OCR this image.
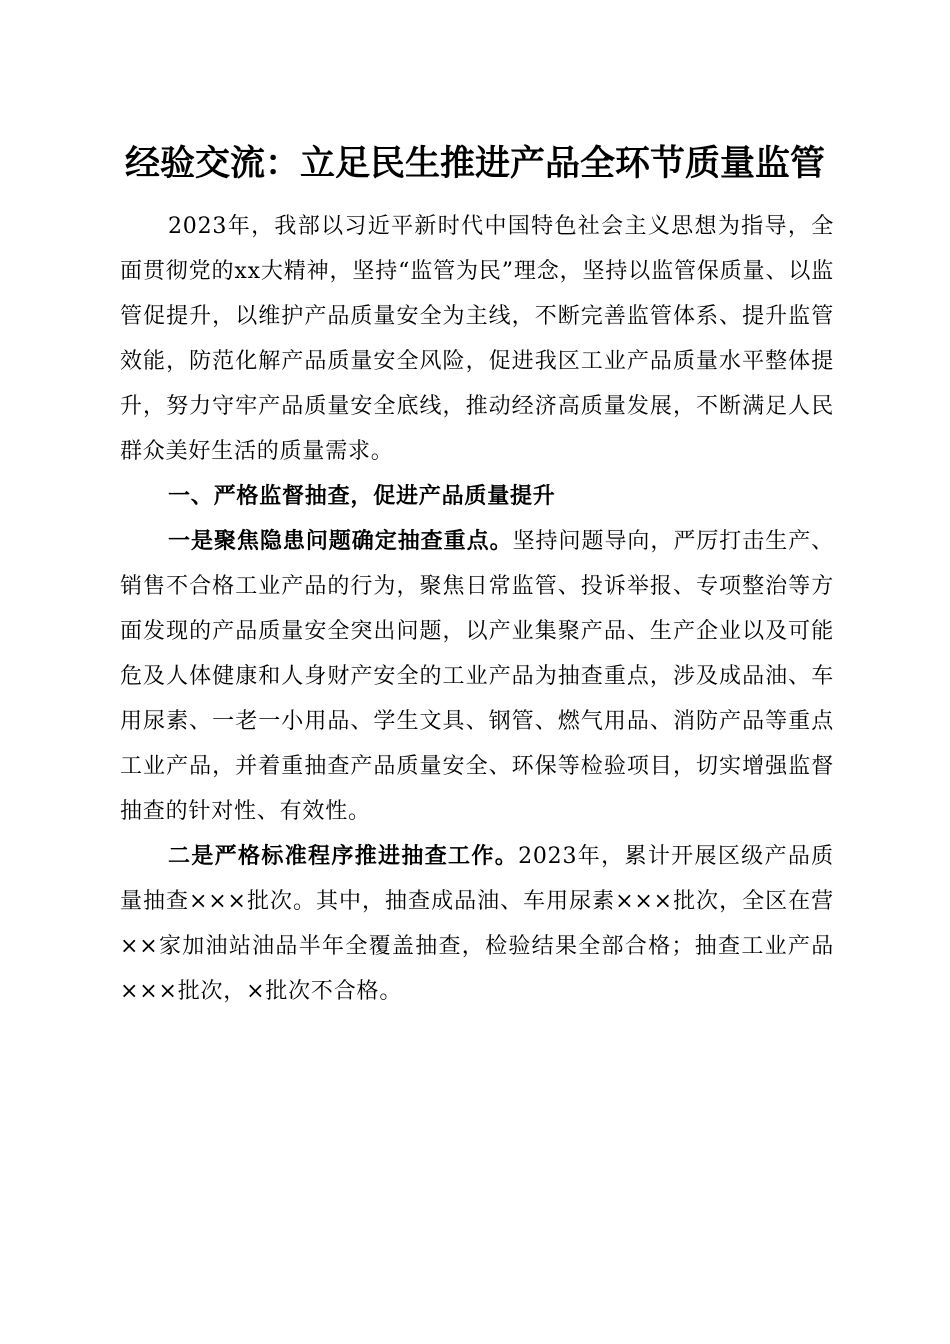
经验交流：立足民生推进产品全环节质量监管

2023年，我部以习近平新时代中国特色社会主义思想为指导，全面贯彻党的xx大精神，坚持“监管为民”理念，坚持以监管保质量、以监管促提升，以维护产品质量安全为主线，不断完善监管体系、提升监管效能，防范化解产品质量安全风险，促进我区工业产品质量水平整体提升，努力守牢产品质量安全底线，推动经济高质量发展，不断满足人民群众美好生活的质量需求。

一、严格监督抽查，促进产品质量提升

一是聚焦隐患问题确定抽查重点。坚持问题导向，严厉打击生产、销售不合格工业产品的行为，聚焦日常监管、投诉举报、专项整治等方面发现的产品质量安全突出问题，以产业集聚产品、生产企业以及可能危及人体健康和人身财产安全的工业产品为抽查重点，涉及成品油、车用尿素、一老一小用品、学生文具、钢管、燃气用品、消防产品等重点工业产品，并着重抽查产品质量安全、环保等检验项目，切实增强监督抽查的针对性、有效性。

二是严格标准程序推进抽查工作。2023年，累计开展区级产品质量抽查×××批次。其中，抽查成品油、车用尿素×××批次，全区在营××家加油站油品半年全覆盖抽查，检验结果全部合格；抽查工业产品×××批次，×批次不合格。
